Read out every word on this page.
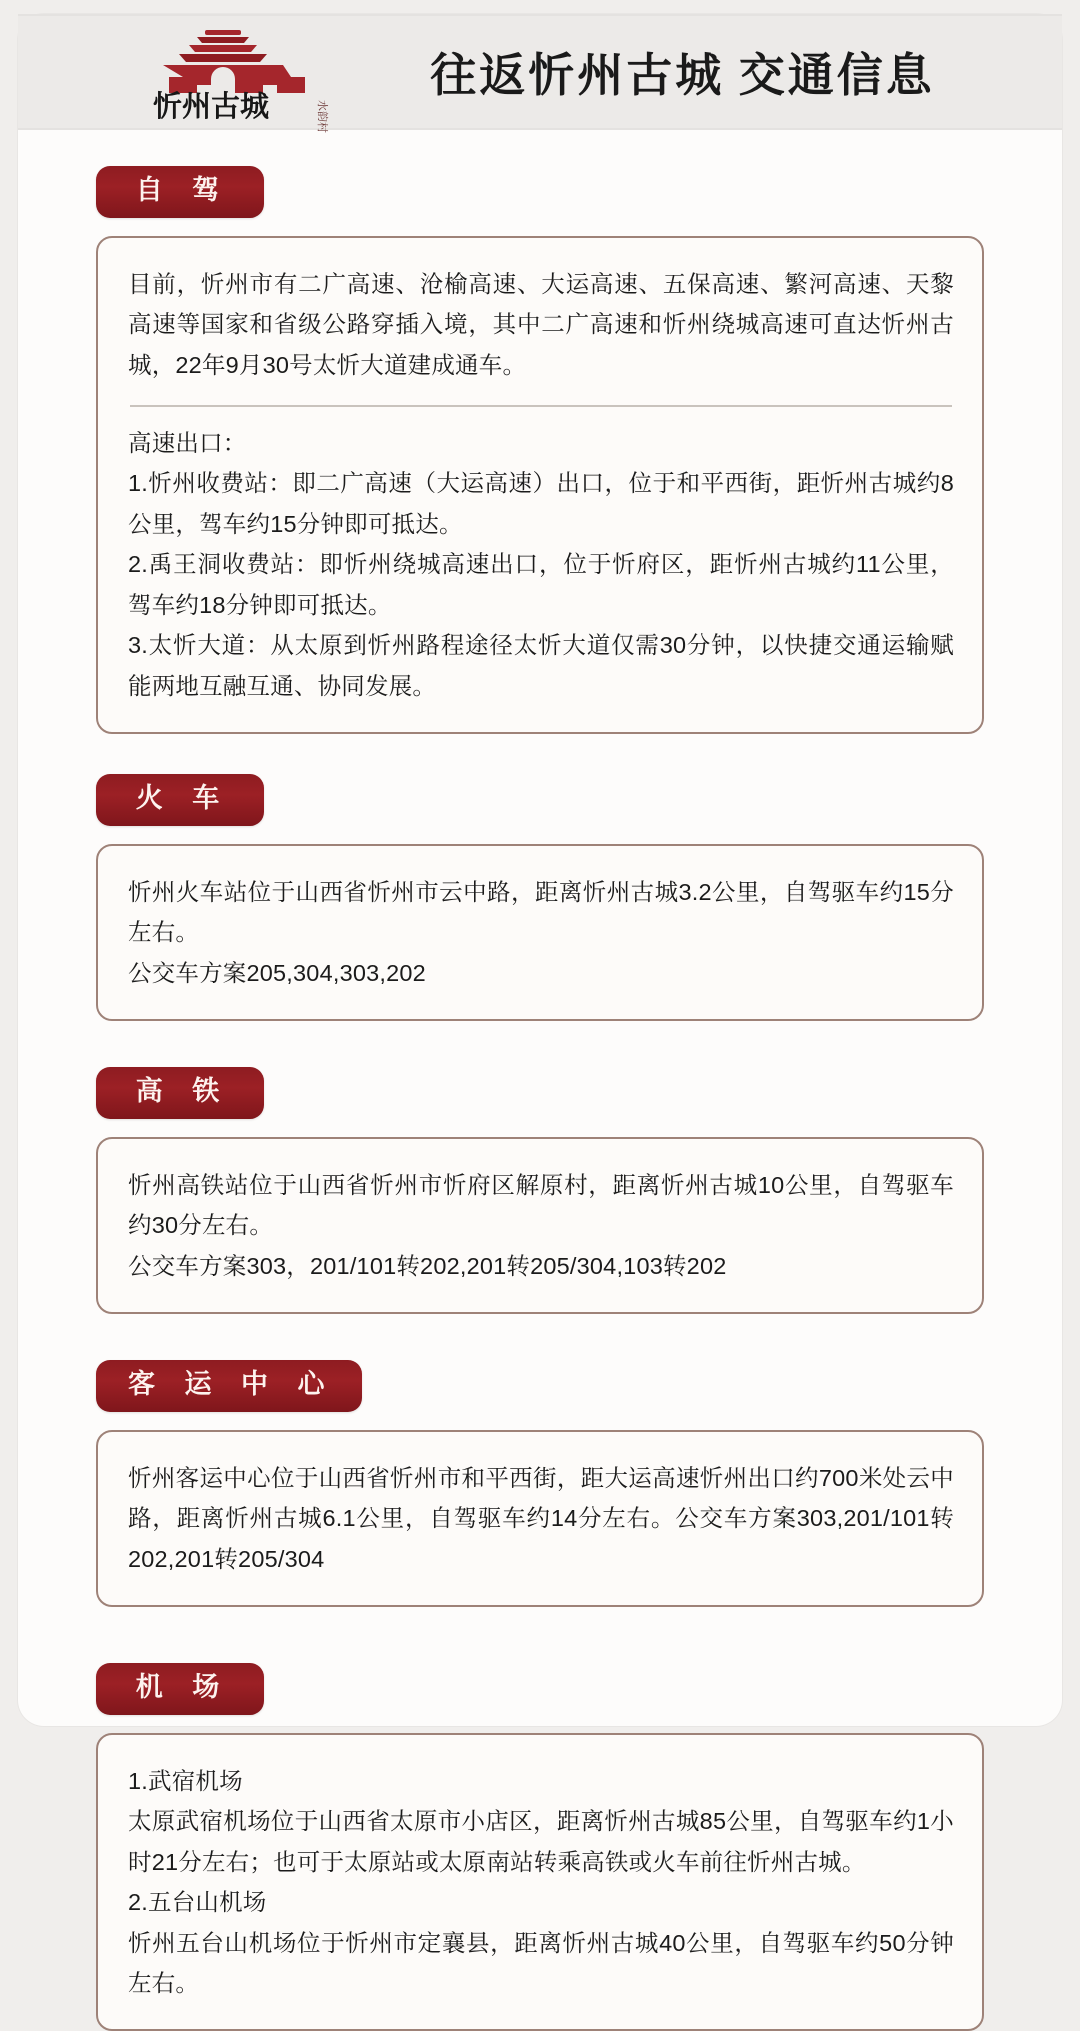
忻州古城	水韵村
往返忻州古城 交通信息
自 驾

目前，忻州市有二广高速、沧榆高速、大运高速、五保高速、繁河高速、天黎高速等国家和省级公路穿插入境，其中二广高速和忻州绕城高速可直达忻州古城，22年9月30号太忻大道建成通车。

高速出口：

1.忻州收费站：即二广高速（大运高速）出口，位于和平西街，距忻州古城约8公里，驾车约15分钟即可抵达。

2.禹王洞收费站：即忻州绕城高速出口，位于忻府区，距忻州古城约11公里，驾车约18分钟即可抵达。

3.太忻大道：从太原到忻州路程途径太忻大道仅需30分钟，以快捷交通运输赋能两地互融互通、协同发展。

火 车

忻州火车站位于山西省忻州市云中路，距离忻州古城3.2公里，自驾驱车约15分左右。

公交车方案205,304,303,202

高 铁

忻州高铁站位于山西省忻州市忻府区解原村，距离忻州古城10公里，自驾驱车约30分左右。

公交车方案303，201/101转202,201转205/304,103转202

客 运 中 心

忻州客运中心位于山西省忻州市和平西街，距大运高速忻州出口约700米处云中路，距离忻州古城6.1公里，自驾驱车约14分左右。公交车方案303,201/101转202,201转205/304

机 场

1.武宿机场

太原武宿机场位于山西省太原市小店区，距离忻州古城85公里，自驾驱车约1小时21分左右；也可于太原站或太原南站转乘高铁或火车前往忻州古城。

2.五台山机场

忻州五台山机场位于忻州市定襄县，距离忻州古城40公里，自驾驱车约50分钟左右。
